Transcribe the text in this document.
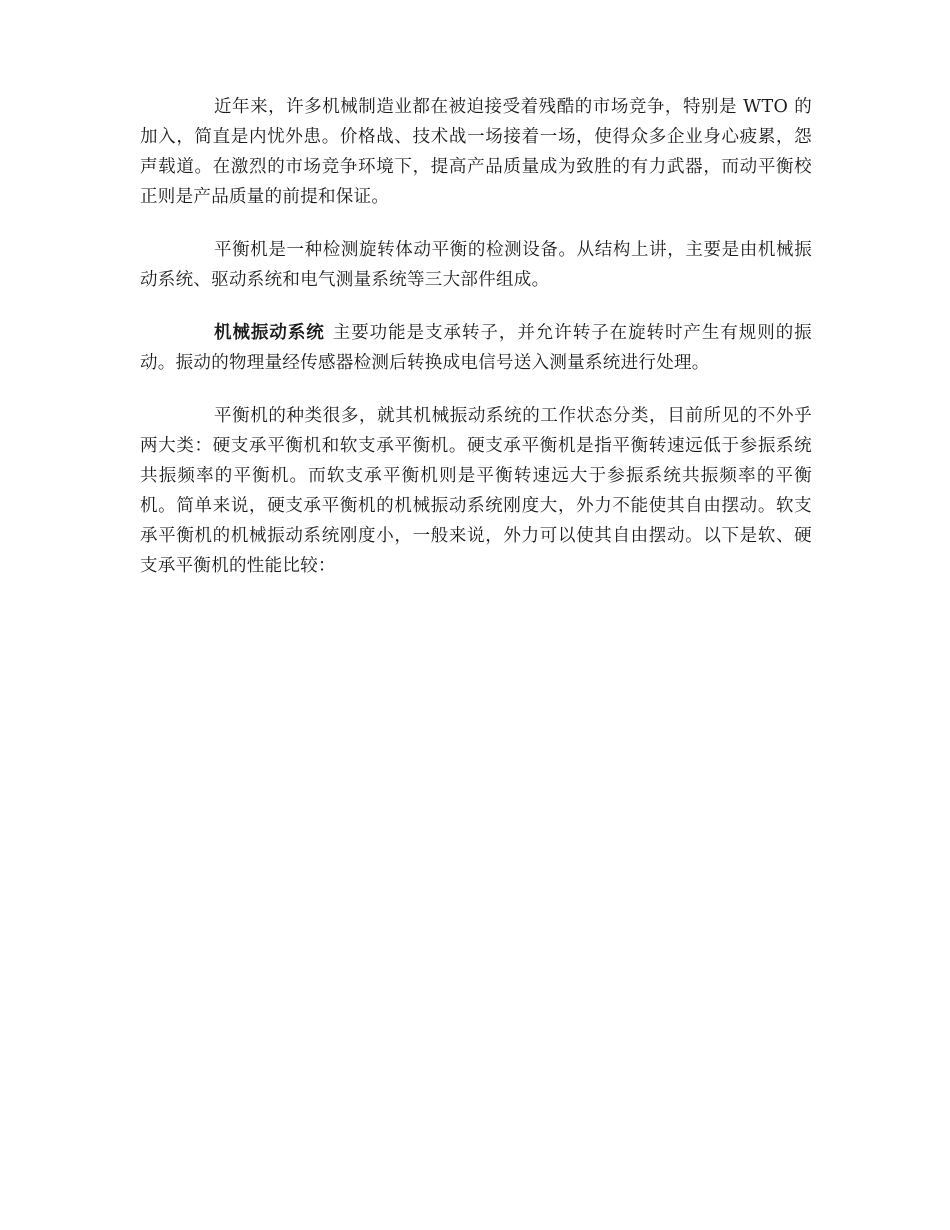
近年来，许多机械制造业都在被迫接受着残酷的市场竞争，特别是 WTO 的加入，简直是内忧外患。价格战、技术战一场接着一场，使得众多企业身心疲累，怨声载道。在激烈的市场竞争环境下，提高产品质量成为致胜的有力武器，而动平衡校正则是产品质量的前提和保证。

平衡机是一种检测旋转体动平衡的检测设备。从结构上讲，主要是由机械振动系统、驱动系统和电气测量系统等三大部件组成。

机械振动系统 主要功能是支承转子，并允许转子在旋转时产生有规则的振动。振动的物理量经传感器检测后转换成电信号送入测量系统进行处理。

平衡机的种类很多，就其机械振动系统的工作状态分类，目前所见的不外乎两大类：硬支承平衡机和软支承平衡机。硬支承平衡机是指平衡转速远低于参振系统共振频率的平衡机。而软支承平衡机则是平衡转速远大于参振系统共振频率的平衡机。简单来说，硬支承平衡机的机械振动系统刚度大，外力不能使其自由摆动。软支承平衡机的机械振动系统刚度小，一般来说，外力可以使其自由摆动。以下是软、硬支承平衡机的性能比较：
